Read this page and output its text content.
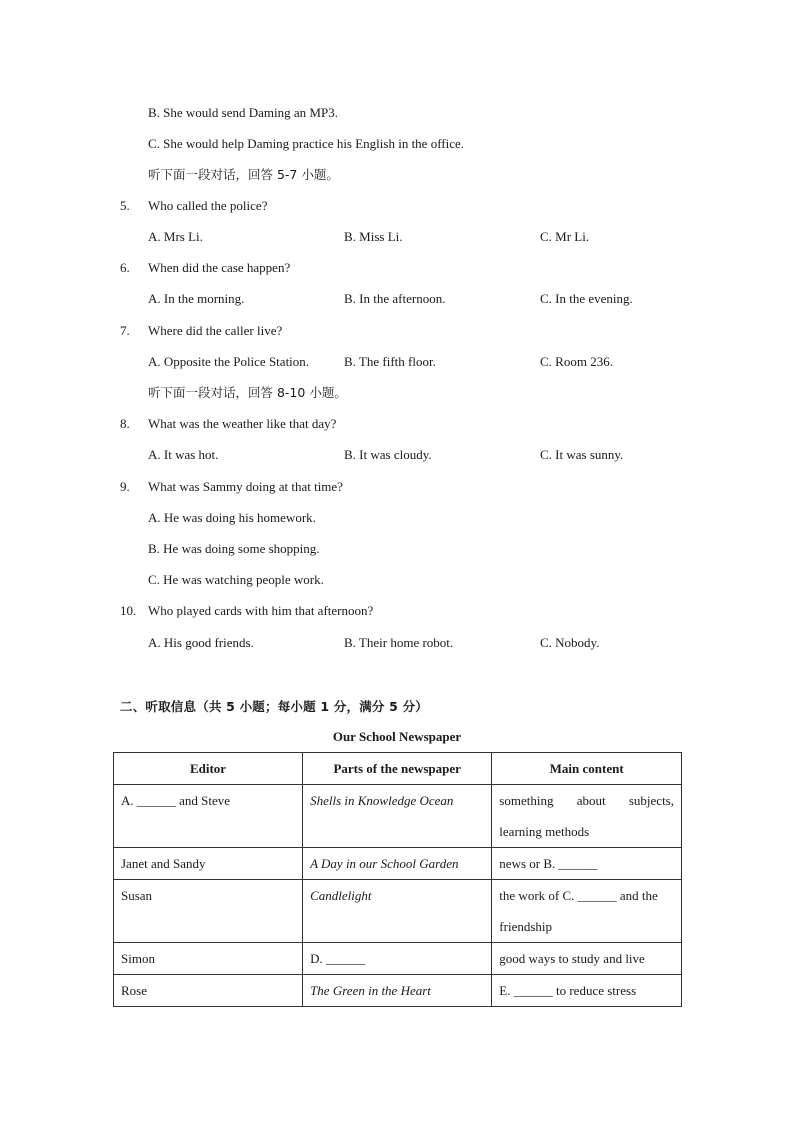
B. She would send Daming an MP3.
C. She would help Daming practice his English in the office.
听下面一段对话，回答 5-7 小题。
5. Who called the police?
A. Mrs Li.	B. Miss Li.	C. Mr Li.
6. When did the case happen?
A. In the morning.	B. In the afternoon.	C. In the evening.
7. Where did the caller live?
A. Opposite the Police Station.	B. The fifth floor.	C. Room 236.
听下面一段对话，回答 8-10 小题。
8. What was the weather like that day?
A. It was hot.	B. It was cloudy.	C. It was sunny.
9. What was Sammy doing at that time?
A. He was doing his homework.
B. He was doing some shopping.
C. He was watching people work.
10. Who played cards with him that afternoon?
A. His good friends.	B. Their home robot.	C. Nobody.
二、听取信息（共 5 小题；每小题 1 分，满分 5 分）
Our School Newspaper
Editor	Parts of the newspaper	Main content
A. ______ and Steve	Shells in Knowledge Ocean	something about subjects,
learning methods

Janet and Sandy	A Day in our School Garden	news or B. ______
Susan	Candlelight	the work of C. ______ and the
friendship

Simon	D. ______	good ways to study and live
Rose	The Green in the Heart	E. ______ to reduce stress
